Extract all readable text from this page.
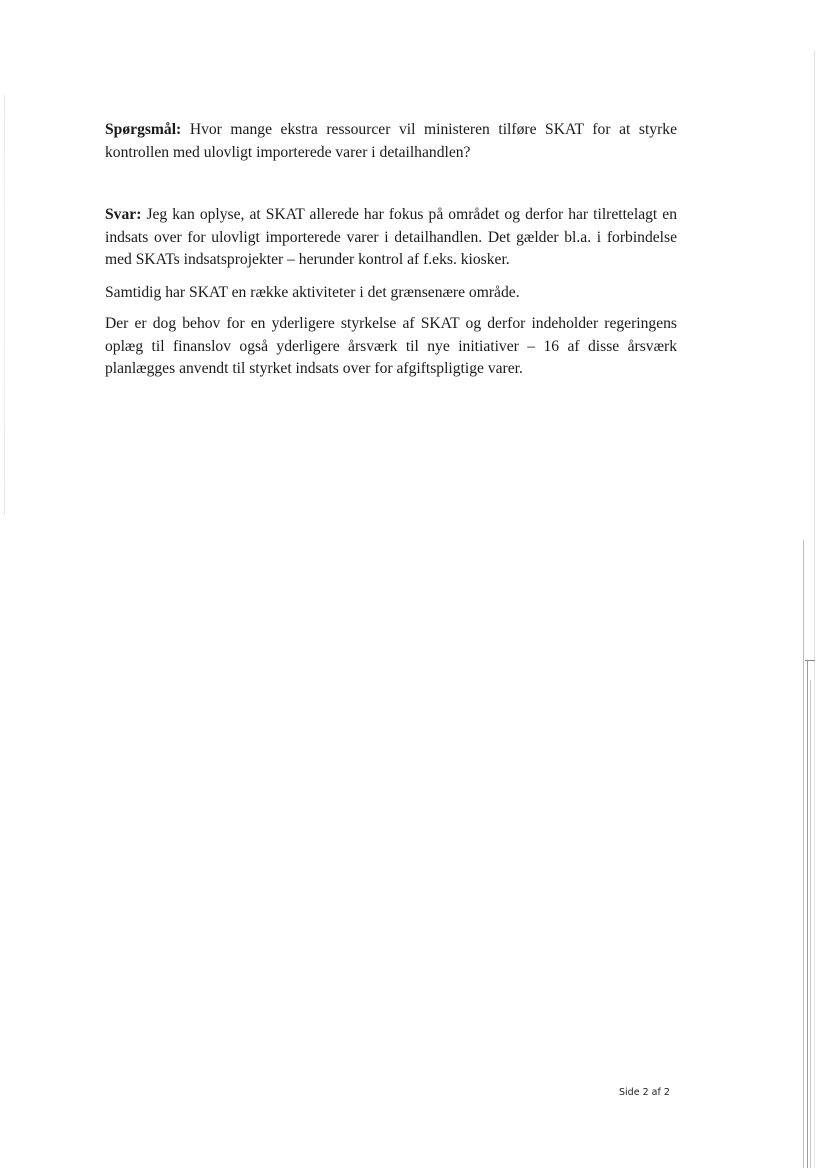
Spørgsmål: Hvor mange ekstra ressourcer vil ministeren tilføre SKAT for at styrke kontrollen med ulovligt importerede varer i detailhandlen?

Svar: Jeg kan oplyse, at SKAT allerede har fokus på området og derfor har tilrettelagt en indsats over for ulovligt importerede varer i detailhandlen. Det gælder bl.a. i forbindelse med SKATs indsatsprojekter – herunder kontrol af f.eks. kiosker.

Samtidig har SKAT en række aktiviteter i det grænsenære område.

Der er dog behov for en yderligere styrkelse af SKAT og derfor indeholder regeringens oplæg til finanslov også yderligere årsværk til nye initiativer – 16 af disse årsværk planlægges anvendt til styrket indsats over for afgiftspligtige varer.

Side 2 af 2
